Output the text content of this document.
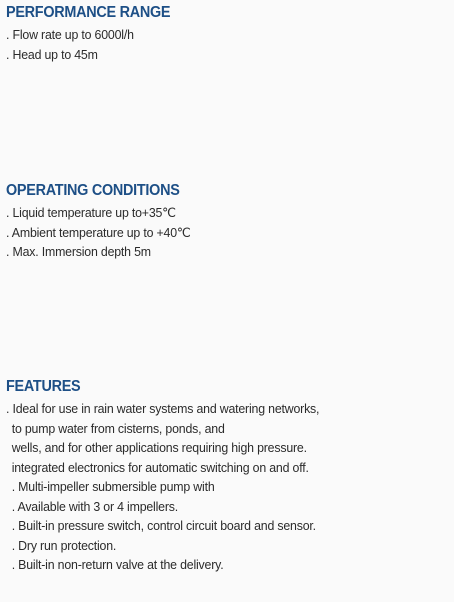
PERFORMANCE RANGE
. Flow rate up to 6000l/h
. Head up to 45m
OPERATING CONDITIONS
. Liquid temperature up to+35℃
. Ambient temperature up to +40℃
. Max. Immersion depth 5m
FEATURES
. Ideal for use in rain water systems and watering networks,
to pump water from cisterns, ponds, and
wells, and for other applications requiring high pressure.
integrated electronics for automatic switching on and off.
. Multi-impeller submersible pump with
. Available with 3 or 4 impellers.
. Built-in pressure switch, control circuit board and sensor.
. Dry run protection.
. Built-in non-return valve at the delivery.
